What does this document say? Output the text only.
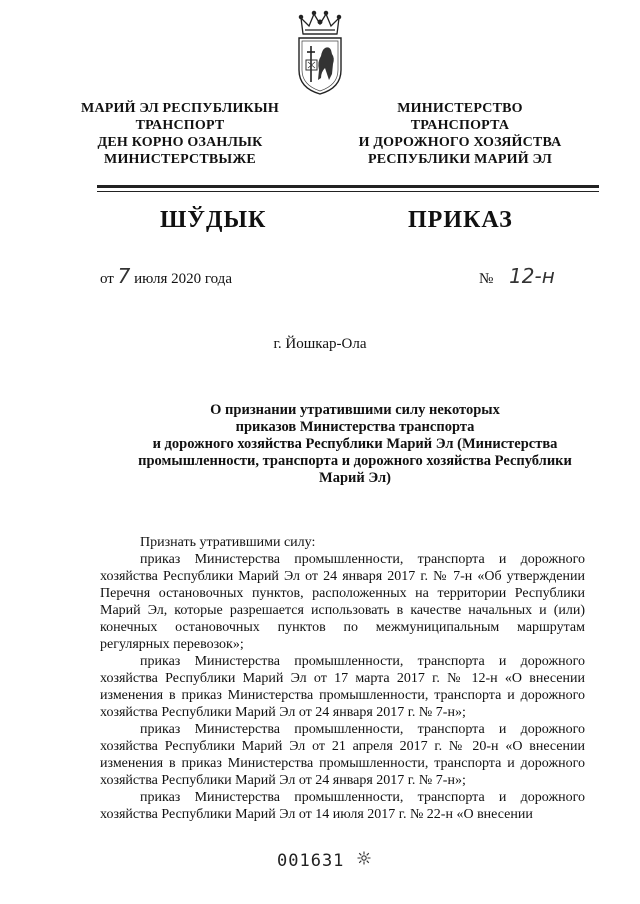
МАРИЙ ЭЛ РЕСПУБЛИКЫН
ТРАНСПОРТ
ДЕН КОРНО ОЗАНЛЫК
МИНИСТЕРСТВЫЖЕ
МИНИСТЕРСТВО
ТРАНСПОРТА
И ДОРОЖНОГО ХОЗЯЙСТВА
РЕСПУБЛИКИ МАРИЙ ЭЛ
ШЎДЫК	ПРИКАЗ
от 7 июля 2020 года	№ 12-н
г. Йошкар-Ола
О признании утратившими силу некоторых
приказов Министерства транспорта
и дорожного хозяйства Республики Марий Эл (Министерства
промышленности, транспорта и дорожного хозяйства Республики
Марий Эл)

Признать утратившими силу:

приказ Министерства промышленности, транспорта и дорожного хозяйства Республики Марий Эл от 24 января 2017 г. № 7-н «Об утверждении Перечня остановочных пунктов, расположенных на территории Республики Марий Эл, которые разрешается использовать в качестве начальных и (или) конечных остановочных пунктов по межмуниципальным маршрутам регулярных перевозок»;

приказ Министерства промышленности, транспорта и дорожного хозяйства Республики Марий Эл от 17 марта 2017 г. № 12-н «О внесении изменения в приказ Министерства промышленности, транспорта и дорожного хозяйства Республики Марий Эл от 24 января 2017 г. № 7-н»;

приказ Министерства промышленности, транспорта и дорожного хозяйства Республики Марий Эл от 21 апреля 2017 г. № 20-н «О внесении изменения в приказ Министерства промышленности, транспорта и дорожного хозяйства Республики Марий Эл от 24 января 2017 г. № 7-н»;

приказ Министерства промышленности, транспорта и дорожного хозяйства Республики Марий Эл от 14 июля 2017 г. № 22-н «О внесении

001631
